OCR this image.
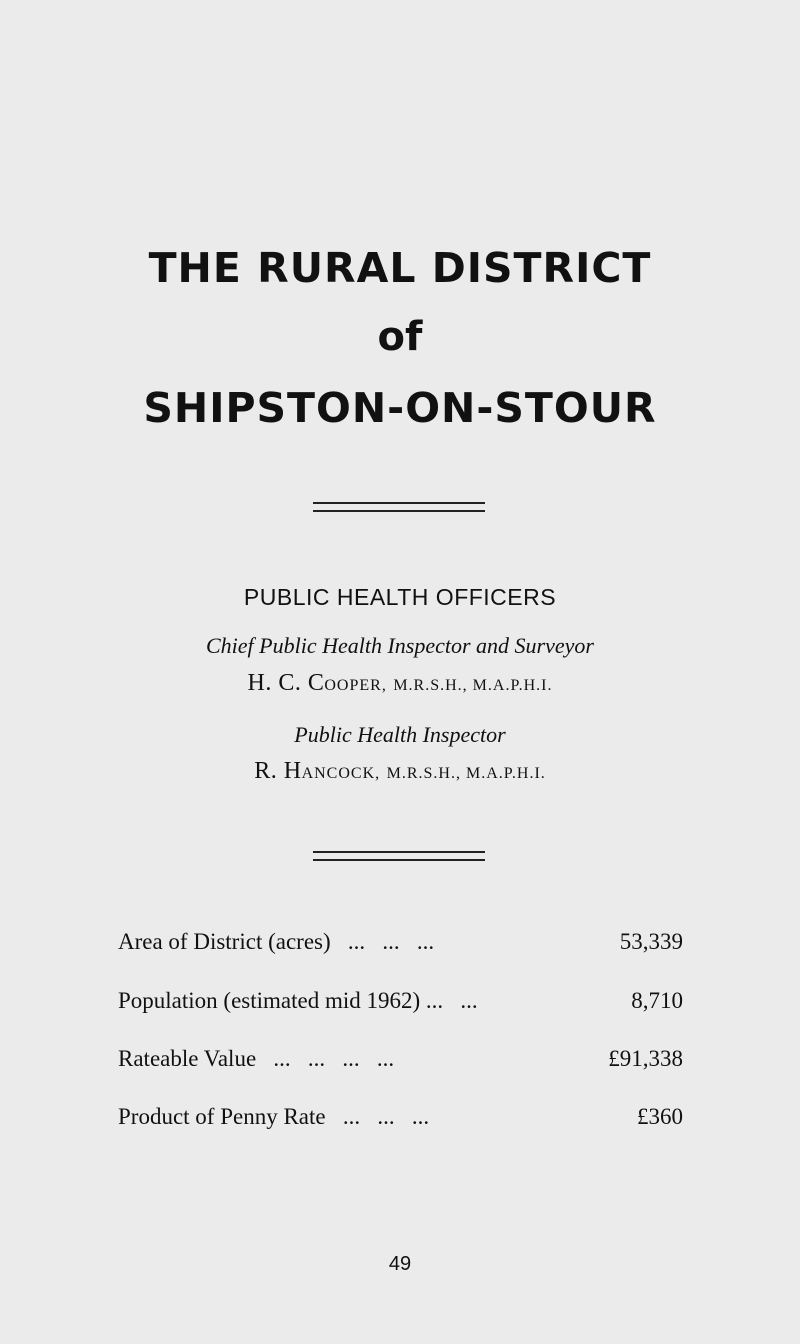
THE RURAL DISTRICT
of
SHIPSTON-ON-STOUR
PUBLIC HEALTH OFFICERS
Chief Public Health Inspector and Surveyor
H. C. COOPER, M.R.S.H., M.A.P.H.I.
Public Health Inspector
R. HANCOCK, M.R.S.H., M.A.P.H.I.
Area of District (acres)   ...   ...   ...	53,339
Population (estimated mid 1962) ...   ...	8,710
Rateable Value   ...   ...   ...   ...	£91,338
Product of Penny Rate   ...   ...   ...	£360
49
